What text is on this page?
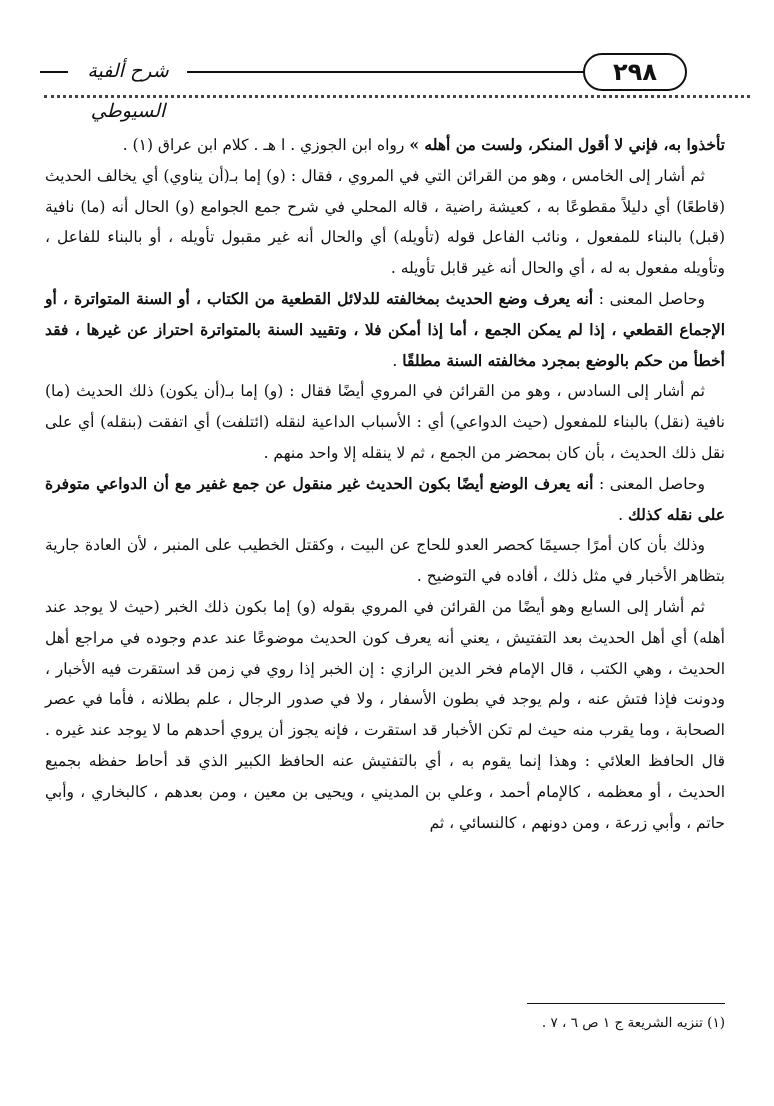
شرح ألفية السيوطي
٢٩٨

تأخذوا به، فإني لا أقول المنكر، ولست من أهله » رواه ابن الجوزي . ا هـ . كلام ابن عراق (١) .

ثم أشار إلى الخامس ، وهو من القرائن التي في المروي ، فقال : (و) إما بـ(أن يناوي) أي يخالف الحديث (قاطعًا) أي دليلاً مقطوعًا به ، كعيشة راضية ، قاله المحلي في شرح جمع الجوامع (و) الحال أنه (ما) نافية (قبل) بالبناء للمفعول ، ونائب الفاعل قوله (تأويله) أي والحال أنه غير مقبول تأويله ، أو بالبناء للفاعل ، وتأويله مفعول به له ، أي والحال أنه غير قابل تأويله .

وحاصل المعنى : أنه يعرف وضع الحديث بمخالفته للدلائل القطعية من الكتاب ، أو السنة المتواترة ، أو الإجماع القطعي ، إذا لم يمكن الجمع ، أما إذا أمكن فلا ، وتقييد السنة بالمتواترة احتراز عن غيرها ، فقد أخطأ من حكم بالوضع بمجرد مخالفته السنة مطلقًا .

ثم أشار إلى السادس ، وهو من القرائن في المروي أيضًا فقال : (و) إما بـ(أن يكون) ذلك الحديث (ما) نافية (نقل) بالبناء للمفعول (حيث الدواعي) أي : الأسباب الداعية لنقله (ائتلفت) أي اتفقت (بنقله) أي على نقل ذلك الحديث ، بأن كان بمحضر من الجمع ، ثم لا ينقله إلا واحد منهم .

وحاصل المعنى : أنه يعرف الوضع أيضًا بكون الحديث غير منقول عن جمع غفير مع أن الدواعي متوفرة على نقله كذلك .

وذلك بأن كان أمرًا جسيمًا كحصر العدو للحاج عن البيت ، وكقتل الخطيب على المنبر ، لأن العادة جارية بتظاهر الأخبار في مثل ذلك ، أفاده في التوضيح .

ثم أشار إلى السابع وهو أيضًا من القرائن في المروي بقوله (و) إما بكون ذلك الخبر (حيث لا يوجد عند أهله) أي أهل الحديث بعد التفتيش ، يعني أنه يعرف كون الحديث موضوعًا عند عدم وجوده في مراجع أهل الحديث ، وهي الكتب ، قال الإمام فخر الدين الرازي : إن الخبر إذا روي في زمن قد استقرت فيه الأخبار ، ودونت فإذا فتش عنه ، ولم يوجد في بطون الأسفار ، ولا في صدور الرجال ، علم بطلانه ، فأما في عصر الصحابة ، وما يقرب منه حيث لم تكن الأخبار قد استقرت ، فإنه يجوز أن يروي أحدهم ما لا يوجد عند غيره . قال الحافظ العلائي : وهذا إنما يقوم به ، أي بالتفتيش عنه الحافظ الكبير الذي قد أحاط حفظه بجميع الحديث ، أو معظمه ، كالإمام أحمد ، وعلي بن المديني ، ويحيى بن معين ، ومن بعدهم ، كالبخاري ، وأبي حاتم ، وأبي زرعة ، ومن دونهم ، كالنسائي ، ثم

(١) تنزيه الشريعة ج ١ ص ٦ ، ٧ .
